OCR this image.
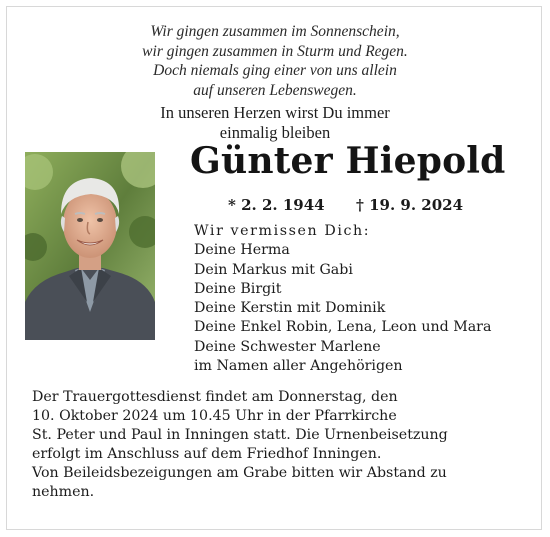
Wir gingen zusammen im Sonnenschein,
wir gingen zusammen in Sturm und Regen.
Doch niemals ging einer von uns allein
auf unseren Lebenswegen.
In unseren Herzen wirst Du immer
einmalig bleiben
Günter Hiepold
* 2. 2. 1944 † 19. 9. 2024
Wir vermissen Dich:
Deine Herma
Dein Markus mit Gabi
Deine Birgit
Deine Kerstin mit Dominik
Deine Enkel Robin, Lena, Leon und Mara
Deine Schwester Marlene
im Namen aller Angehörigen
Der Trauergottesdienst findet am Donnerstag, den
10. Oktober 2024 um 10.45 Uhr in der Pfarrkirche
St. Peter und Paul in Inningen statt. Die Urnenbeisetzung
erfolgt im Anschluss auf dem Friedhof Inningen.
Von Beileidsbezeigungen am Grabe bitten wir Abstand zu
nehmen.
